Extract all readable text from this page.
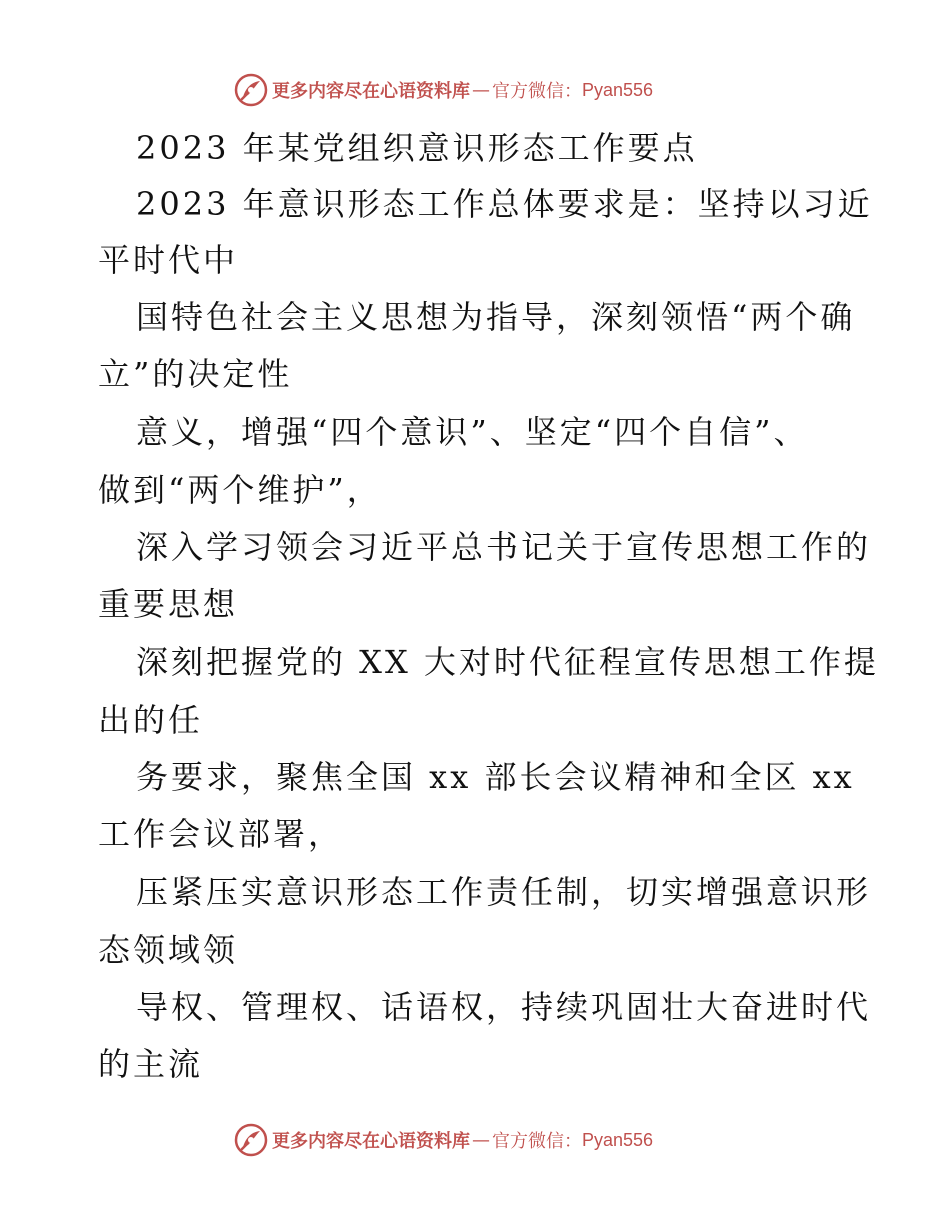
更多内容尽在心语资料库 — 官方微信： Pyan556
2023 年某党组织意识形态工作要点
2023 年意识形态工作总体要求是：坚持以习近
平时代中
国特色社会主义思想为指导，深刻领悟“两个确
立”的决定性
意义，增强“四个意识”、坚定“四个自信”、
做到“两个维护”，
深入学习领会习近平总书记关于宣传思想工作的
重要思想
深刻把握党的 XX 大对时代征程宣传思想工作提
出的任
务要求，聚焦全国 xx 部长会议精神和全区 xx
工作会议部署，
压紧压实意识形态工作责任制，切实增强意识形
态领域领
导权、管理权、话语权，持续巩固壮大奋进时代
的主流
更多内容尽在心语资料库 — 官方微信： Pyan556
